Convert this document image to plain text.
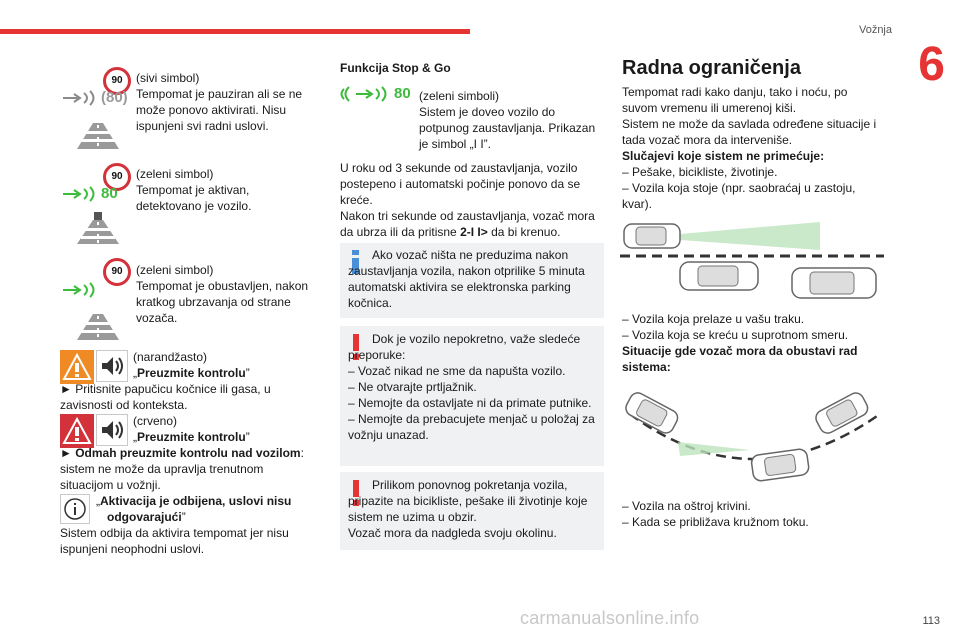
Vožnja
6
90
(80)
(sivi simbol)
Tempomat je pauziran ali se ne može ponovo aktivirati. Nisu ispunjeni svi radni uslovi.
90
80
(zeleni simbol)
Tempomat je aktivan, detektovano je vozilo.
90	(zeleni simbol)
Tempomat je obustavljen, nakon kratkog ubrzavanja od strane vozača.
(narandžasto)
„Preuzmite kontrolu”
► Pritisnite papučicu kočnice ili gasa, u zavisnosti od konteksta.
(crveno)
„Preuzmite kontrolu”
► Odmah preuzmite kontrolu nad vozilom: sistem ne može da upravlja trenutnom situacijom u vožnji.
„Aktivacija je odbijena, uslovi nisu
odgovarajući”
Sistem odbija da aktivira tempomat jer nisu ispunjeni neophodni uslovi.
Funkcija Stop & Go
80 (zeleni simboli)
Sistem je doveo vozilo do potpunog zaustavljanja. Prikazan je simbol „I I”.
U roku od 3 sekunde od zaustavljanja, vozilo postepeno i automatski počinje ponovo da se kreće.
Nakon tri sekunde od zaustavljanja, vozač mora da ubrza ili da pritisne 2-I I> da bi krenuo.
Ako vozač ništa ne preduzima nakon zaustavljanja vozila, nakon otprilike 5 minuta automatski aktivira se elektronska parking kočnica.
Dok je vozilo nepokretno, važe sledeće preporuke:
– Vozač nikad ne sme da napušta vozilo.
– Ne otvarajte prtljažnik.
– Nemojte da ostavljate ni da primate putnike.
– Nemojte da prebacujete menjač u položaj za vožnju unazad.
Prilikom ponovnog pokretanja vozila, pripazite na bicikliste, pešake ili životinje koje sistem ne uzima u obzir.
Vozač mora da nadgleda svoju okolinu.
Radna ograničenja
Tempomat radi kako danju, tako i noću, po suvom vremenu ili umerenoj kiši.
Sistem ne može da savlada određene situacije i tada vozač mora da interveniše.
Slučajevi koje sistem ne primećuje:
– Pešake, bicikliste, životinje.
– Vozila koja stoje (npr. saobraćaj u zastoju, kvar).
– Vozila koja prelaze u vašu traku.
– Vozila koja se kreću u suprotnom smeru.
Situacije gde vozač mora da obustavi rad sistema:
– Vozila na oštroj krivini.
– Kada se približava kružnom toku.
carmanualsonline.info	113
